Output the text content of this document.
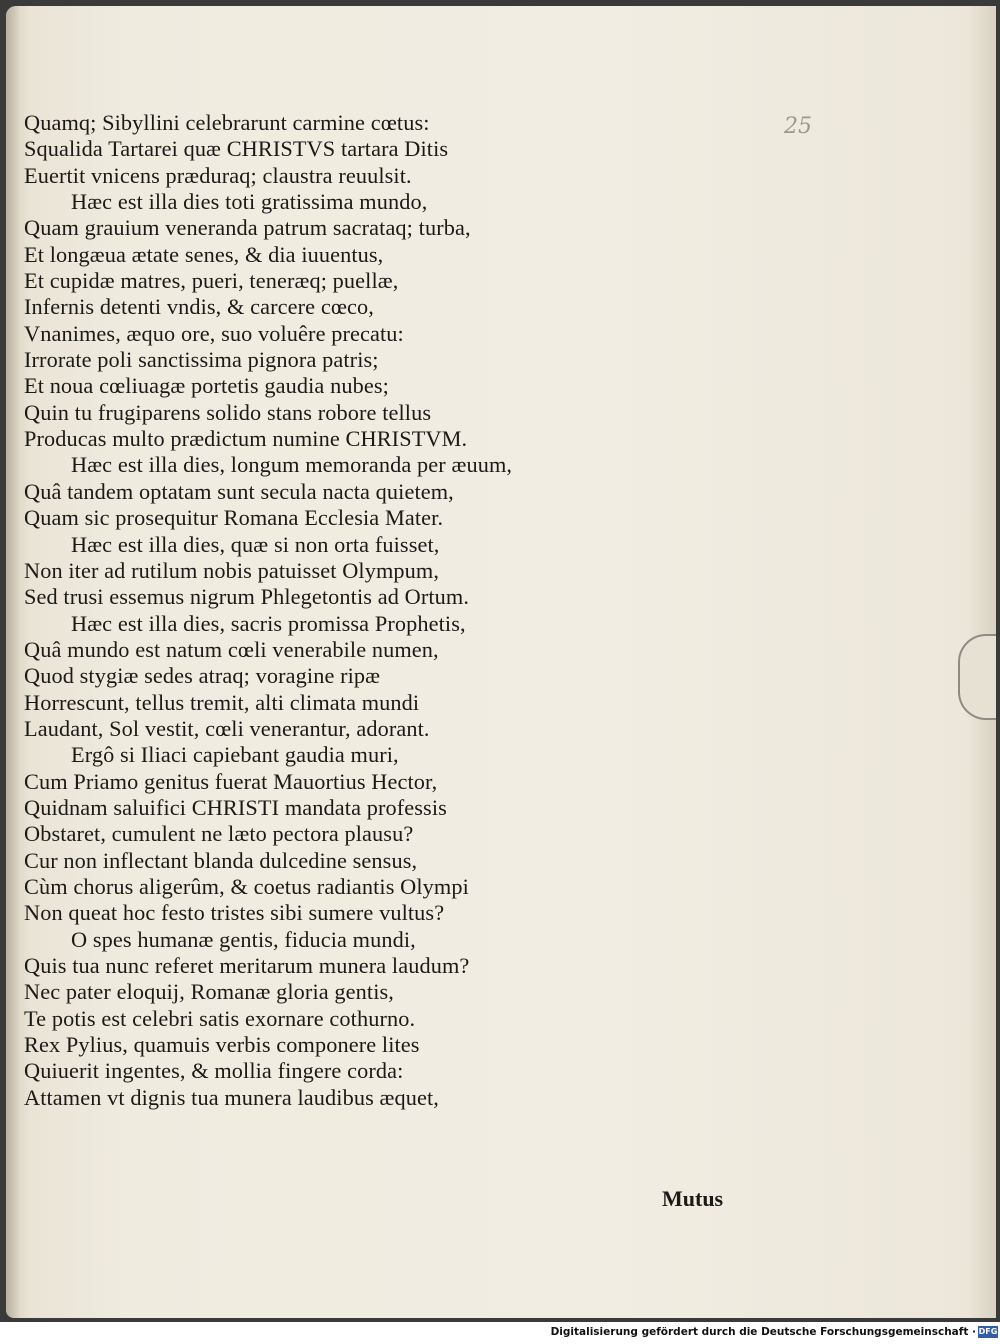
25
Quamq; Sibyllini celebrarunt carmine cœtus:
Squalida Tartarei quæ CHRISTVS tartara Ditis
Euertit vnicens præduraq; claustra reuulsit.
Hæc est illa dies toti gratissima mundo,
Quam grauium veneranda patrum sacrataq; turba,
Et longæua ætate senes, & dia iuuentus,
Et cupidæ matres, pueri, teneræq; puellæ,
Infernis detenti vndis, & carcere cœco,
Vnanimes, æquo ore, suo voluêre precatu:
Irrorate poli sanctissima pignora patris;
Et noua cœliuagæ portetis gaudia nubes;
Quin tu frugiparens solido stans robore tellus
Producas multo prædictum numine CHRISTVM.
Hæc est illa dies, longum memoranda per æuum,
Quâ tandem optatam sunt secula nacta quietem,
Quam sic prosequitur Romana Ecclesia Mater.
Hæc est illa dies, quæ si non orta fuisset,
Non iter ad rutilum nobis patuisset Olympum,
Sed trusi essemus nigrum Phlegetontis ad Ortum.
Hæc est illa dies, sacris promissa Prophetis,
Quâ mundo est natum cœli venerabile numen,
Quod stygiæ sedes atraq; voragine ripæ
Horrescunt, tellus tremit, alti climata mundi
Laudant, Sol vestit, cœli venerantur, adorant.
Ergô si Iliaci capiebant gaudia muri,
Cum Priamo genitus fuerat Mauortius Hector,
Quidnam saluifici CHRISTI mandata professis
Obstaret, cumulent ne læto pectora plausu?
Cur non inflectant blanda dulcedine sensus,
Cùm chorus aligerûm, & coetus radiantis Olympi
Non queat hoc festo tristes sibi sumere vultus?
O spes humanæ gentis, fiducia mundi,
Quis tua nunc referet meritarum munera laudum?
Nec pater eloquij, Romanæ gloria gentis,
Te potis est celebri satis exornare cothurno.
Rex Pylius, quamuis verbis componere lites
Quiuerit ingentes, & mollia fingere corda:
Attamen vt dignis tua munera laudibus æquet,
Mutus
Digitalisierung gefördert durch die Deutsche Forschungsgemeinschaft · DFG
